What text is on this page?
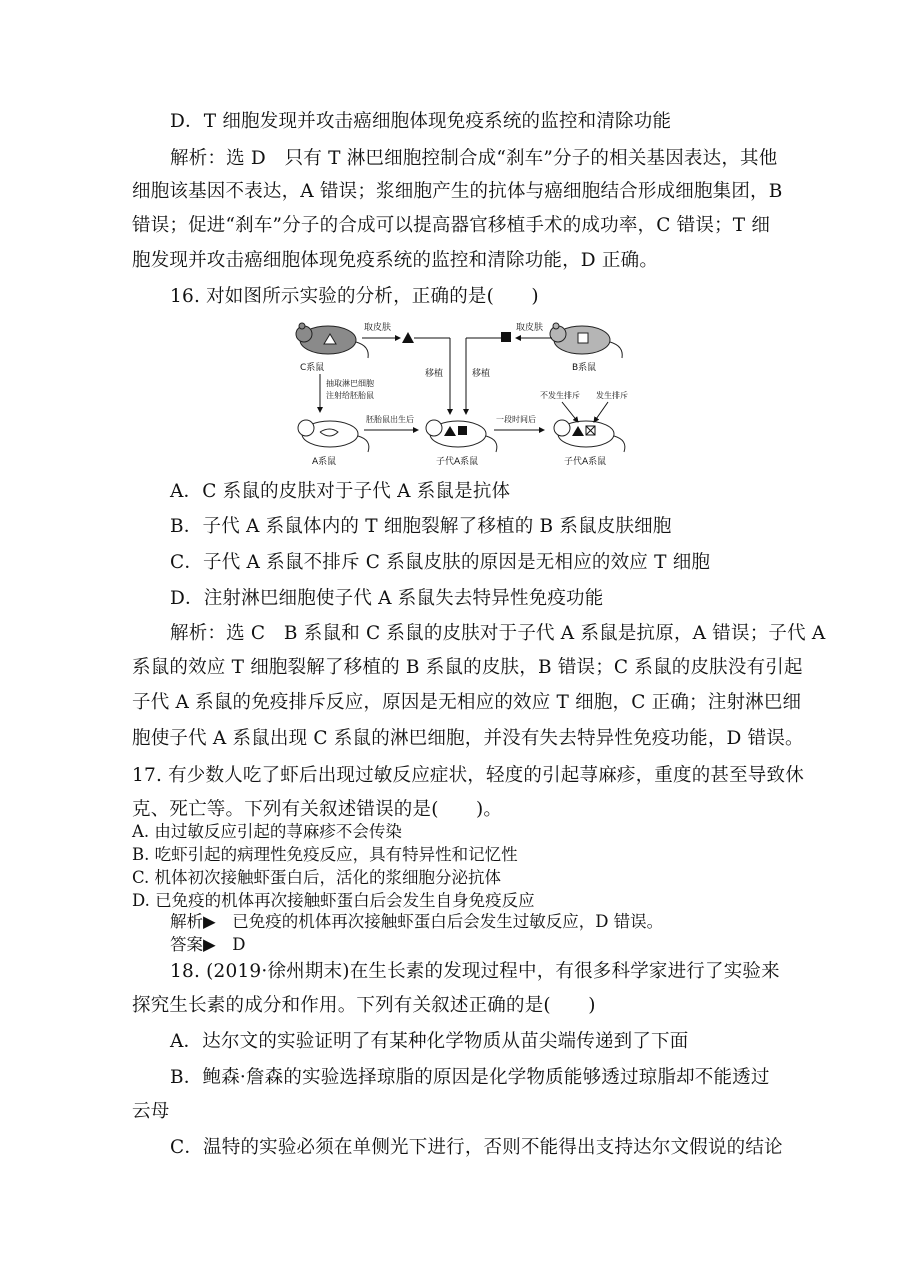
D．T 细胞发现并攻击癌细胞体现免疫系统的监控和清除功能
解析：选 D　只有 T 淋巴细胞控制合成“刹车”分子的相关基因表达，其他
细胞该基因不表达，A 错误；浆细胞产生的抗体与癌细胞结合形成细胞集团，B
错误；促进“刹车”分子的合成可以提高器官移植手术的成功率，C 错误；T 细
胞发现并攻击癌细胞体现免疫系统的监控和清除功能，D 正确。
16. 对如图所示实验的分析，正确的是(　　)
C系鼠
取皮肤
B系鼠
取皮肤
移植	移植
抽取淋巴细胞
注射给胚胎鼠
A系鼠
胚胎鼠出生后
子代A系鼠
一段时间后
不发生排斥 发生排斥
子代A系鼠
A．C 系鼠的皮肤对于子代 A 系鼠是抗体
B．子代 A 系鼠体内的 T 细胞裂解了移植的 B 系鼠皮肤细胞
C．子代 A 系鼠不排斥 C 系鼠皮肤的原因是无相应的效应 T 细胞
D．注射淋巴细胞使子代 A 系鼠失去特异性免疫功能
解析：选 C　B 系鼠和 C 系鼠的皮肤对于子代 A 系鼠是抗原，A 错误；子代 A
系鼠的效应 T 细胞裂解了移植的 B 系鼠的皮肤，B 错误；C 系鼠的皮肤没有引起
子代 A 系鼠的免疫排斥反应，原因是无相应的效应 T 细胞，C 正确；注射淋巴细
胞使子代 A 系鼠出现 C 系鼠的淋巴细胞，并没有失去特异性免疫功能，D 错误。
17. 有少数人吃了虾后出现过敏反应症状，轻度的引起荨麻疹，重度的甚至导致休
克、死亡等。下列有关叙述错误的是(　　)。
A. 由过敏反应引起的荨麻疹不会传染
B. 吃虾引起的病理性免疫反应，具有特异性和记忆性
C. 机体初次接触虾蛋白后，活化的浆细胞分泌抗体
D. 已免疫的机体再次接触虾蛋白后会发生自身免疫反应
解析▶　已免疫的机体再次接触虾蛋白后会发生过敏反应，D 错误。
答案▶　D
18. (2019·徐州期末)在生长素的发现过程中，有很多科学家进行了实验来
探究生长素的成分和作用。下列有关叙述正确的是(　　)
A．达尔文的实验证明了有某种化学物质从苗尖端传递到了下面
B．鲍森·詹森的实验选择琼脂的原因是化学物质能够透过琼脂却不能透过
云母
C．温特的实验必须在单侧光下进行，否则不能得出支持达尔文假说的结论
